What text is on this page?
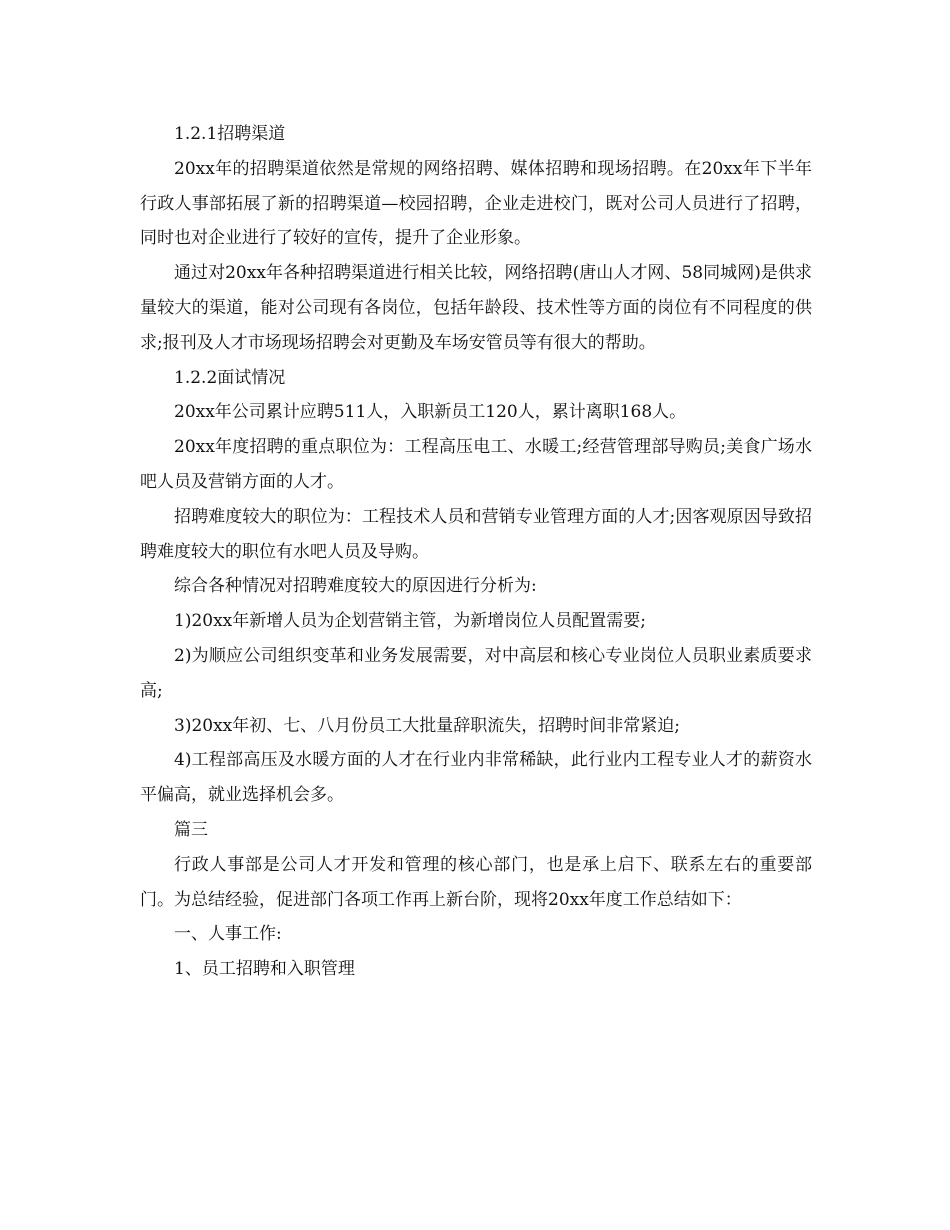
1.2.1招聘渠道

20xx年的招聘渠道依然是常规的网络招聘、媒体招聘和现场招聘。在20xx年下半年行政人事部拓展了新的招聘渠道—校园招聘，企业走进校门，既对公司人员进行了招聘，同时也对企业进行了较好的宣传，提升了企业形象。

通过对20xx年各种招聘渠道进行相关比较，网络招聘(唐山人才网、58同城网)是供求量较大的渠道，能对公司现有各岗位，包括年龄段、技术性等方面的岗位有不同程度的供求;报刊及人才市场现场招聘会对更勤及车场安管员等有很大的帮助。

1.2.2面试情况

20xx年公司累计应聘511人，入职新员工120人，累计离职168人。

20xx年度招聘的重点职位为：工程高压电工、水暖工;经营管理部导购员;美食广场水吧人员及营销方面的人才。

招聘难度较大的职位为：工程技术人员和营销专业管理方面的人才;因客观原因导致招聘难度较大的职位有水吧人员及导购。

综合各种情况对招聘难度较大的原因进行分析为:

1)20xx年新增人员为企划营销主管，为新增岗位人员配置需要;

2)为顺应公司组织变革和业务发展需要，对中高层和核心专业岗位人员职业素质要求高;

3)20xx年初、七、八月份员工大批量辞职流失，招聘时间非常紧迫;

4)工程部高压及水暖方面的人才在行业内非常稀缺，此行业内工程专业人才的薪资水平偏高，就业选择机会多。

篇三

行政人事部是公司人才开发和管理的核心部门，也是承上启下、联系左右的重要部门。为总结经验，促进部门各项工作再上新台阶，现将20xx年度工作总结如下：

一、人事工作:

1、员工招聘和入职管理
